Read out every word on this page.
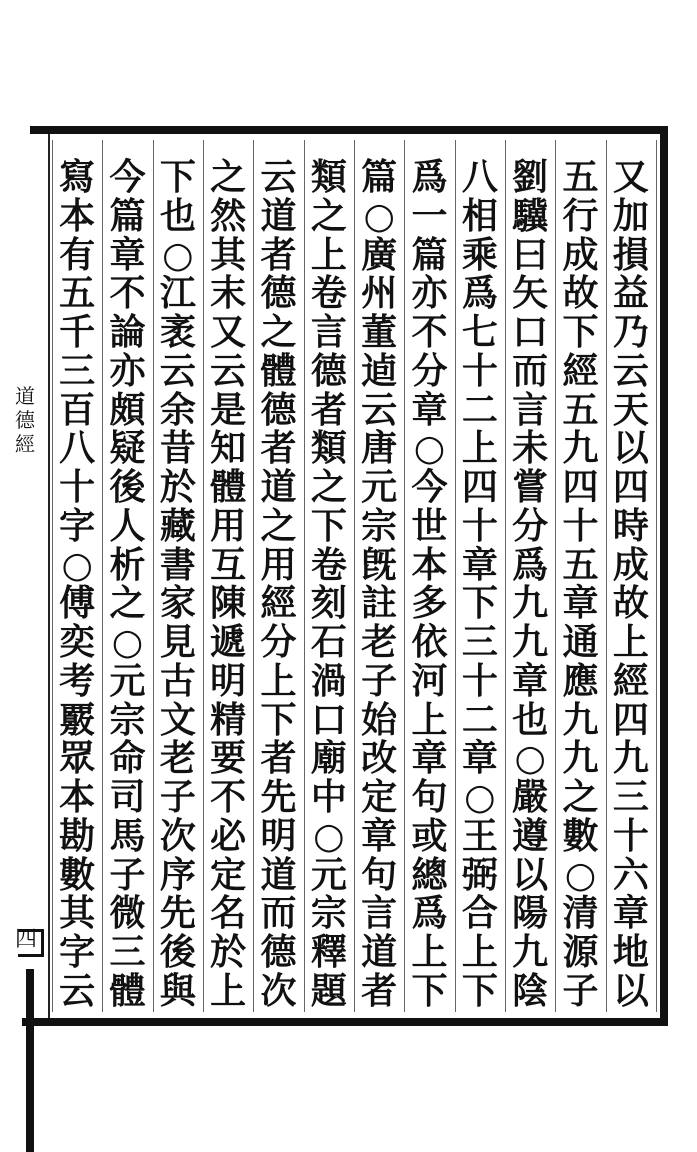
道德經
四
又
加
損
益
乃
云
天
以
四
時
成
故
上
經
四
九
三
十
六
章
地
以
五
行
成
故
下
經
五
九
四
十
五
章
通
應
九
九
之
數
○
清
源
子
劉
驥
曰
矢
口
而
言
未
嘗
分
爲
九
九
章
也
○
嚴
遵
以
陽
九
陰
八
相
乘
爲
七
十
二
上
四
十
章
下
三
十
二
章
○
王
弼
合
上
下
爲
一
篇
亦
不
分
章
○
今
世
本
多
依
河
上
章
句
或
總
爲
上
下
篇
○
廣
州
董
逌
云
唐
元
宗
旣
註
老
子
始
改
定
章
句
言
道
者
類
之
上
卷
言
德
者
類
之
下
卷
刻
石
渦
口
廟
中
○
元
宗
釋
題
云
道
者
德
之
體
德
者
道
之
用
經
分
上
下
者
先
明
道
而
德
次
之
然
其
末
又
云
是
知
體
用
互
陳
遞
明
精
要
不
必
定
名
於
上
下
也
○
江
袤
云
余
昔
於
藏
書
家
見
古
文
老
子
次
序
先
後
與
今
篇
章
不
論
亦
頗
疑
後
人
析
之
○
元
宗
命
司
馬
子
微
三
體
寫
本
有
五
千
三
百
八
十
字
○
傅
奕
考
覈
眾
本
勘
數
其
字
云
